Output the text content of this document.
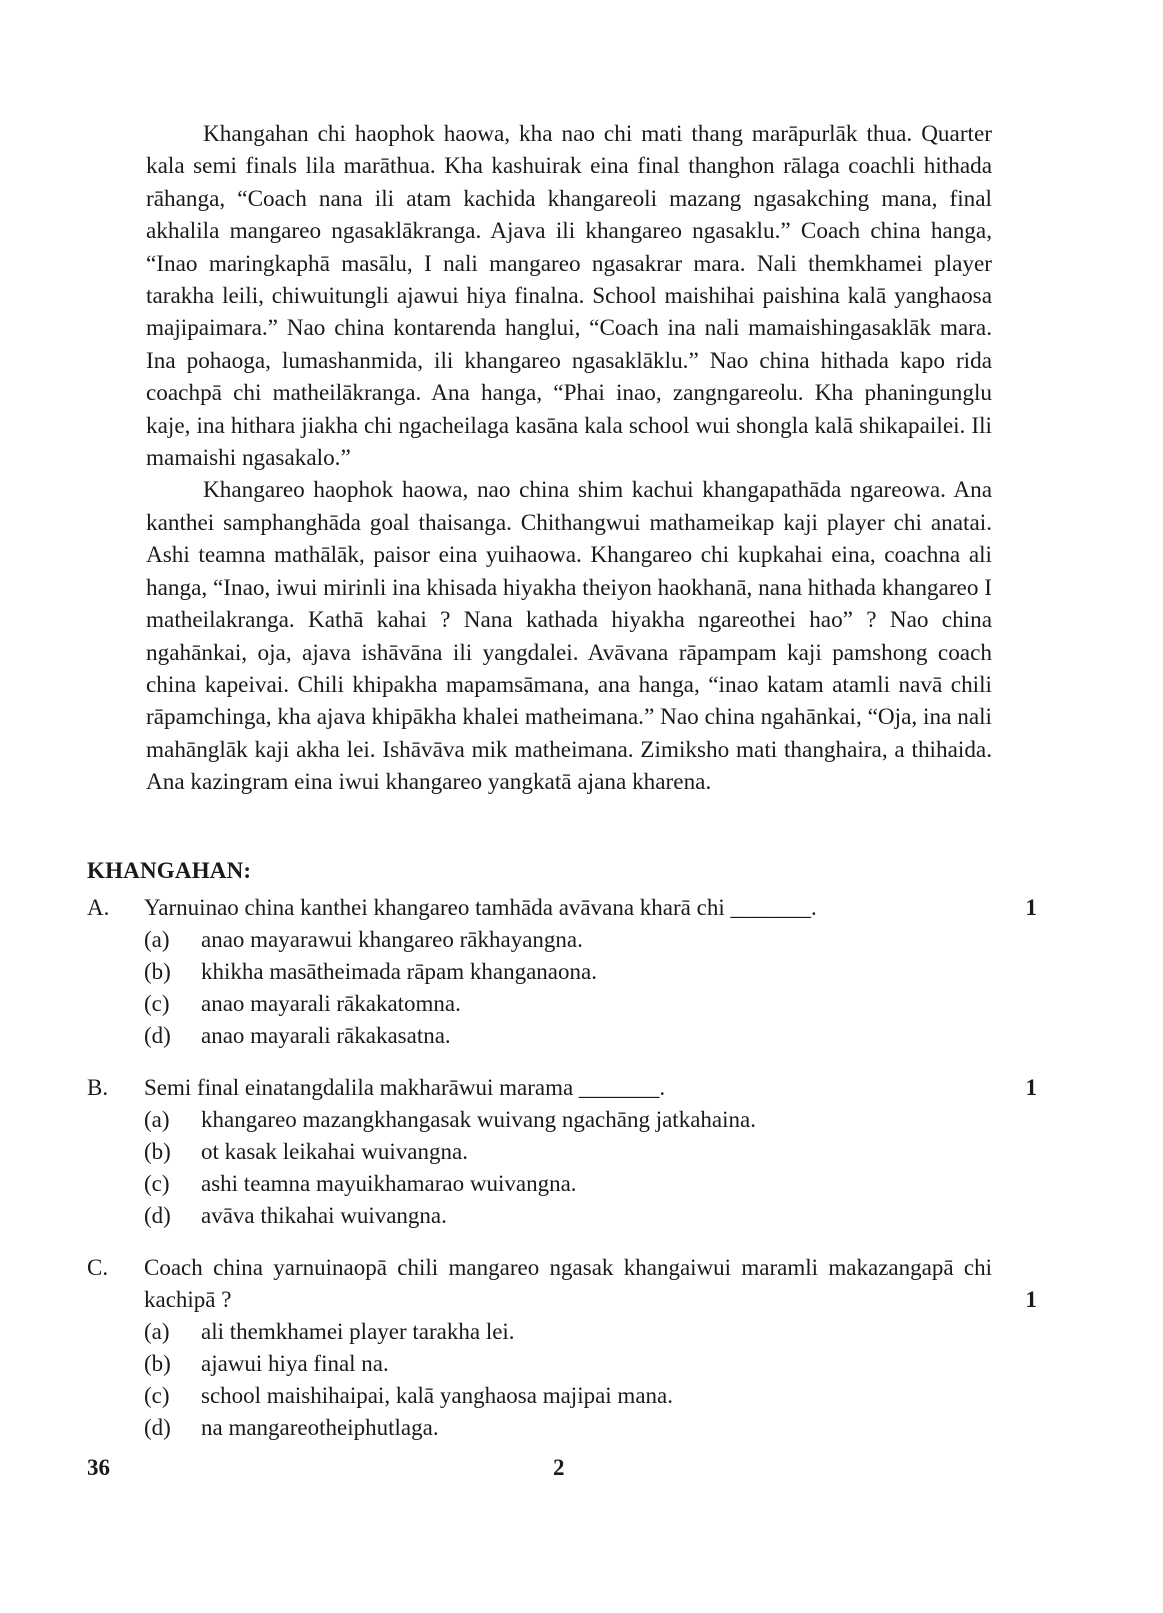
Khangahan chi haophok haowa, kha nao chi mati thang marāpurlāk thua. Quarter kala semi finals lila marāthua. Kha kashuirak eina final thanghon rālaga coachli hithada rāhanga, “Coach nana ili atam kachida khangareoli mazang ngasakching mana, final akhalila mangareo ngasaklākranga. Ajava ili khangareo ngasaklu.” Coach china hanga, “Inao maringkaphā masālu, I nali mangareo ngasakrar mara. Nali themkhamei player tarakha leili, chiwuitungli ajawui hiya finalna. School maishihai paishina kalā yanghaosa majipaimara.” Nao china kontarenda hanglui, “Coach ina nali mamaishingasaklāk mara. Ina pohaoga, lumashanmida, ili khangareo ngasaklāklu.” Nao china hithada kapo rida coachpā chi matheilākranga. Ana hanga, “Phai inao, zangngareolu. Kha phaningunglu kaje, ina hithara jiakha chi ngacheilaga kasāna kala school wui shongla kalā shikapailei. Ili mamaishi ngasakalo.”

Khangareo haophok haowa, nao china shim kachui khangapathāda ngareowa. Ana kanthei samphanghāda goal thaisanga. Chithangwui mathameikap kaji player chi anatai. Ashi teamna mathālāk, paisor eina yuihaowa. Khangareo chi kupkahai eina, coachna ali hanga, “Inao, iwui mirinli ina khisada hiyakha theiyon haokhanā, nana hithada khangareo I matheilakranga. Kathā kahai ? Nana kathada hiyakha ngareothei hao” ? Nao china ngahānkai, oja, ajava ishāvāna ili yangdalei. Avāvana rāpampam kaji pamshong coach china kapeivai. Chili khipakha mapamsāmana, ana hanga, “inao katam atamli navā chili rāpamchinga, kha ajava khipākha khalei matheimana.” Nao china ngahānkai, “Oja, ina nali mahānglāk kaji akha lei. Ishāvāva mik matheimana. Zimiksho mati thanghaira, a thihaida. Ana kazingram eina iwui khangareo yangkatā ajana kharena.

KHANGAHAN:
A. Yarnuinao china kanthei khangareo tamhāda avāvana kharā chi _______.	1
(a) anao mayarawui khangareo rākhayangna.
(b) khikha masātheimada rāpam khanganaona.
(c) anao mayarali rākakatomna.
(d) anao mayarali rākakasatna.
B. Semi final einatangdalila makharāwui marama _______.	1
(a) khangareo mazangkhangasak wuivang ngachāng jatkahaina.
(b) ot kasak leikahai wuivangna.
(c) ashi teamna mayuikhamarao wuivangna.
(d) avāva thikahai wuivangna.
C. Coach china yarnuinaopā chili mangareo ngasak khangaiwui maramli makazangapā chi kachipā ?	1
(a) ali themkhamei player tarakha lei.
(b) ajawui hiya final na.
(c) school maishihaipai, kalā yanghaosa majipai mana.
(d) na mangareotheiphutlaga.
36	2
